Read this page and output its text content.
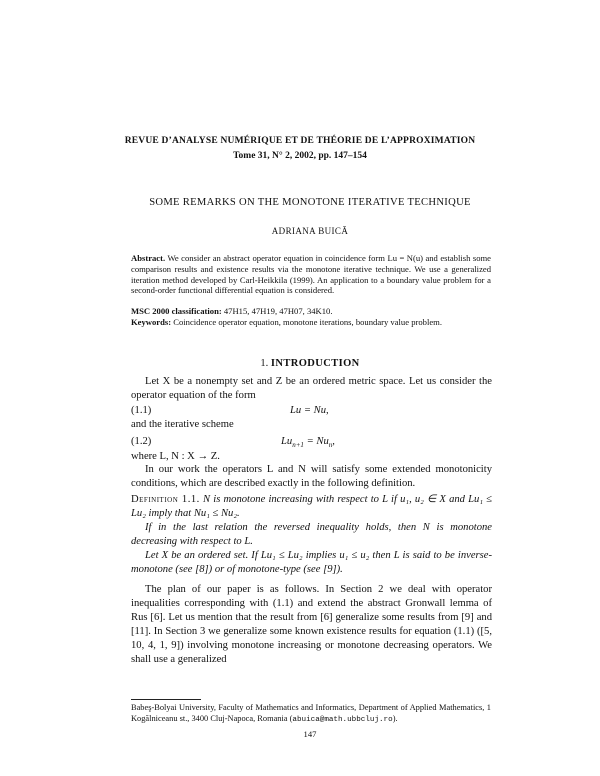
REVUE D’ANALYSE NUMÉRIQUE ET DE THÉORIE DE L’APPROXIMATION
Tome 31, N° 2, 2002, pp. 147–154
SOME REMARKS ON THE MONOTONE ITERATIVE TECHNIQUE
ADRIANA BUICĂ
Abstract. We consider an abstract operator equation in coincidence form Lu = N(u) and establish some comparison results and existence results via the monotone iterative technique. We use a generalized iteration method developed by Carl-Heikkila (1999). An application to a boundary value problem for a second-order functional differential equation is considered.
MSC 2000 classification: 47H15, 47H19, 47H07, 34K10.
Keywords: Coincidence operator equation, monotone iterations, boundary value problem.
1. INTRODUCTION
Let X be a nonempty set and Z be an ordered metric space. Let us consider the operator equation of the form
(1.1)	Lu = Nu,
and the iterative scheme
(1.2)	$Lu_{n+1} = Nu_n$,
where L, N : X → Z.
In our work the operators L and N will satisfy some extended monotonicity conditions, which are described exactly in the following definition.
Definition 1.1. N is monotone increasing with respect to L if u₁, u₂ ∈ X and Lu₁ ≤ Lu₂ imply that Nu₁ ≤ Nu₂.
If in the last relation the reversed inequality holds, then N is monotone decreasing with respect to L.
Let X be an ordered set. If Lu₁ ≤ Lu₂ implies u₁ ≤ u₂ then L is said to be inverse-monotone (see [8]) or of monotone-type (see [9]).
The plan of our paper is as follows. In Section 2 we deal with operator inequalities corresponding with (1.1) and extend the abstract Gronwall lemma of Rus [6]. Let us mention that the result from [6] generalize some results from [9] and [11]. In Section 3 we generalize some known existence results for equation (1.1) ([5, 10, 4, 1, 9]) involving monotone increasing or monotone decreasing operators. We shall use a generalized
Babeş-Bolyai University, Faculty of Mathematics and Informatics, Department of Applied Mathematics, 1 Kogălniceanu st., 3400 Cluj-Napoca, Romania (abuica@math.ubbcluj.ro).
147
